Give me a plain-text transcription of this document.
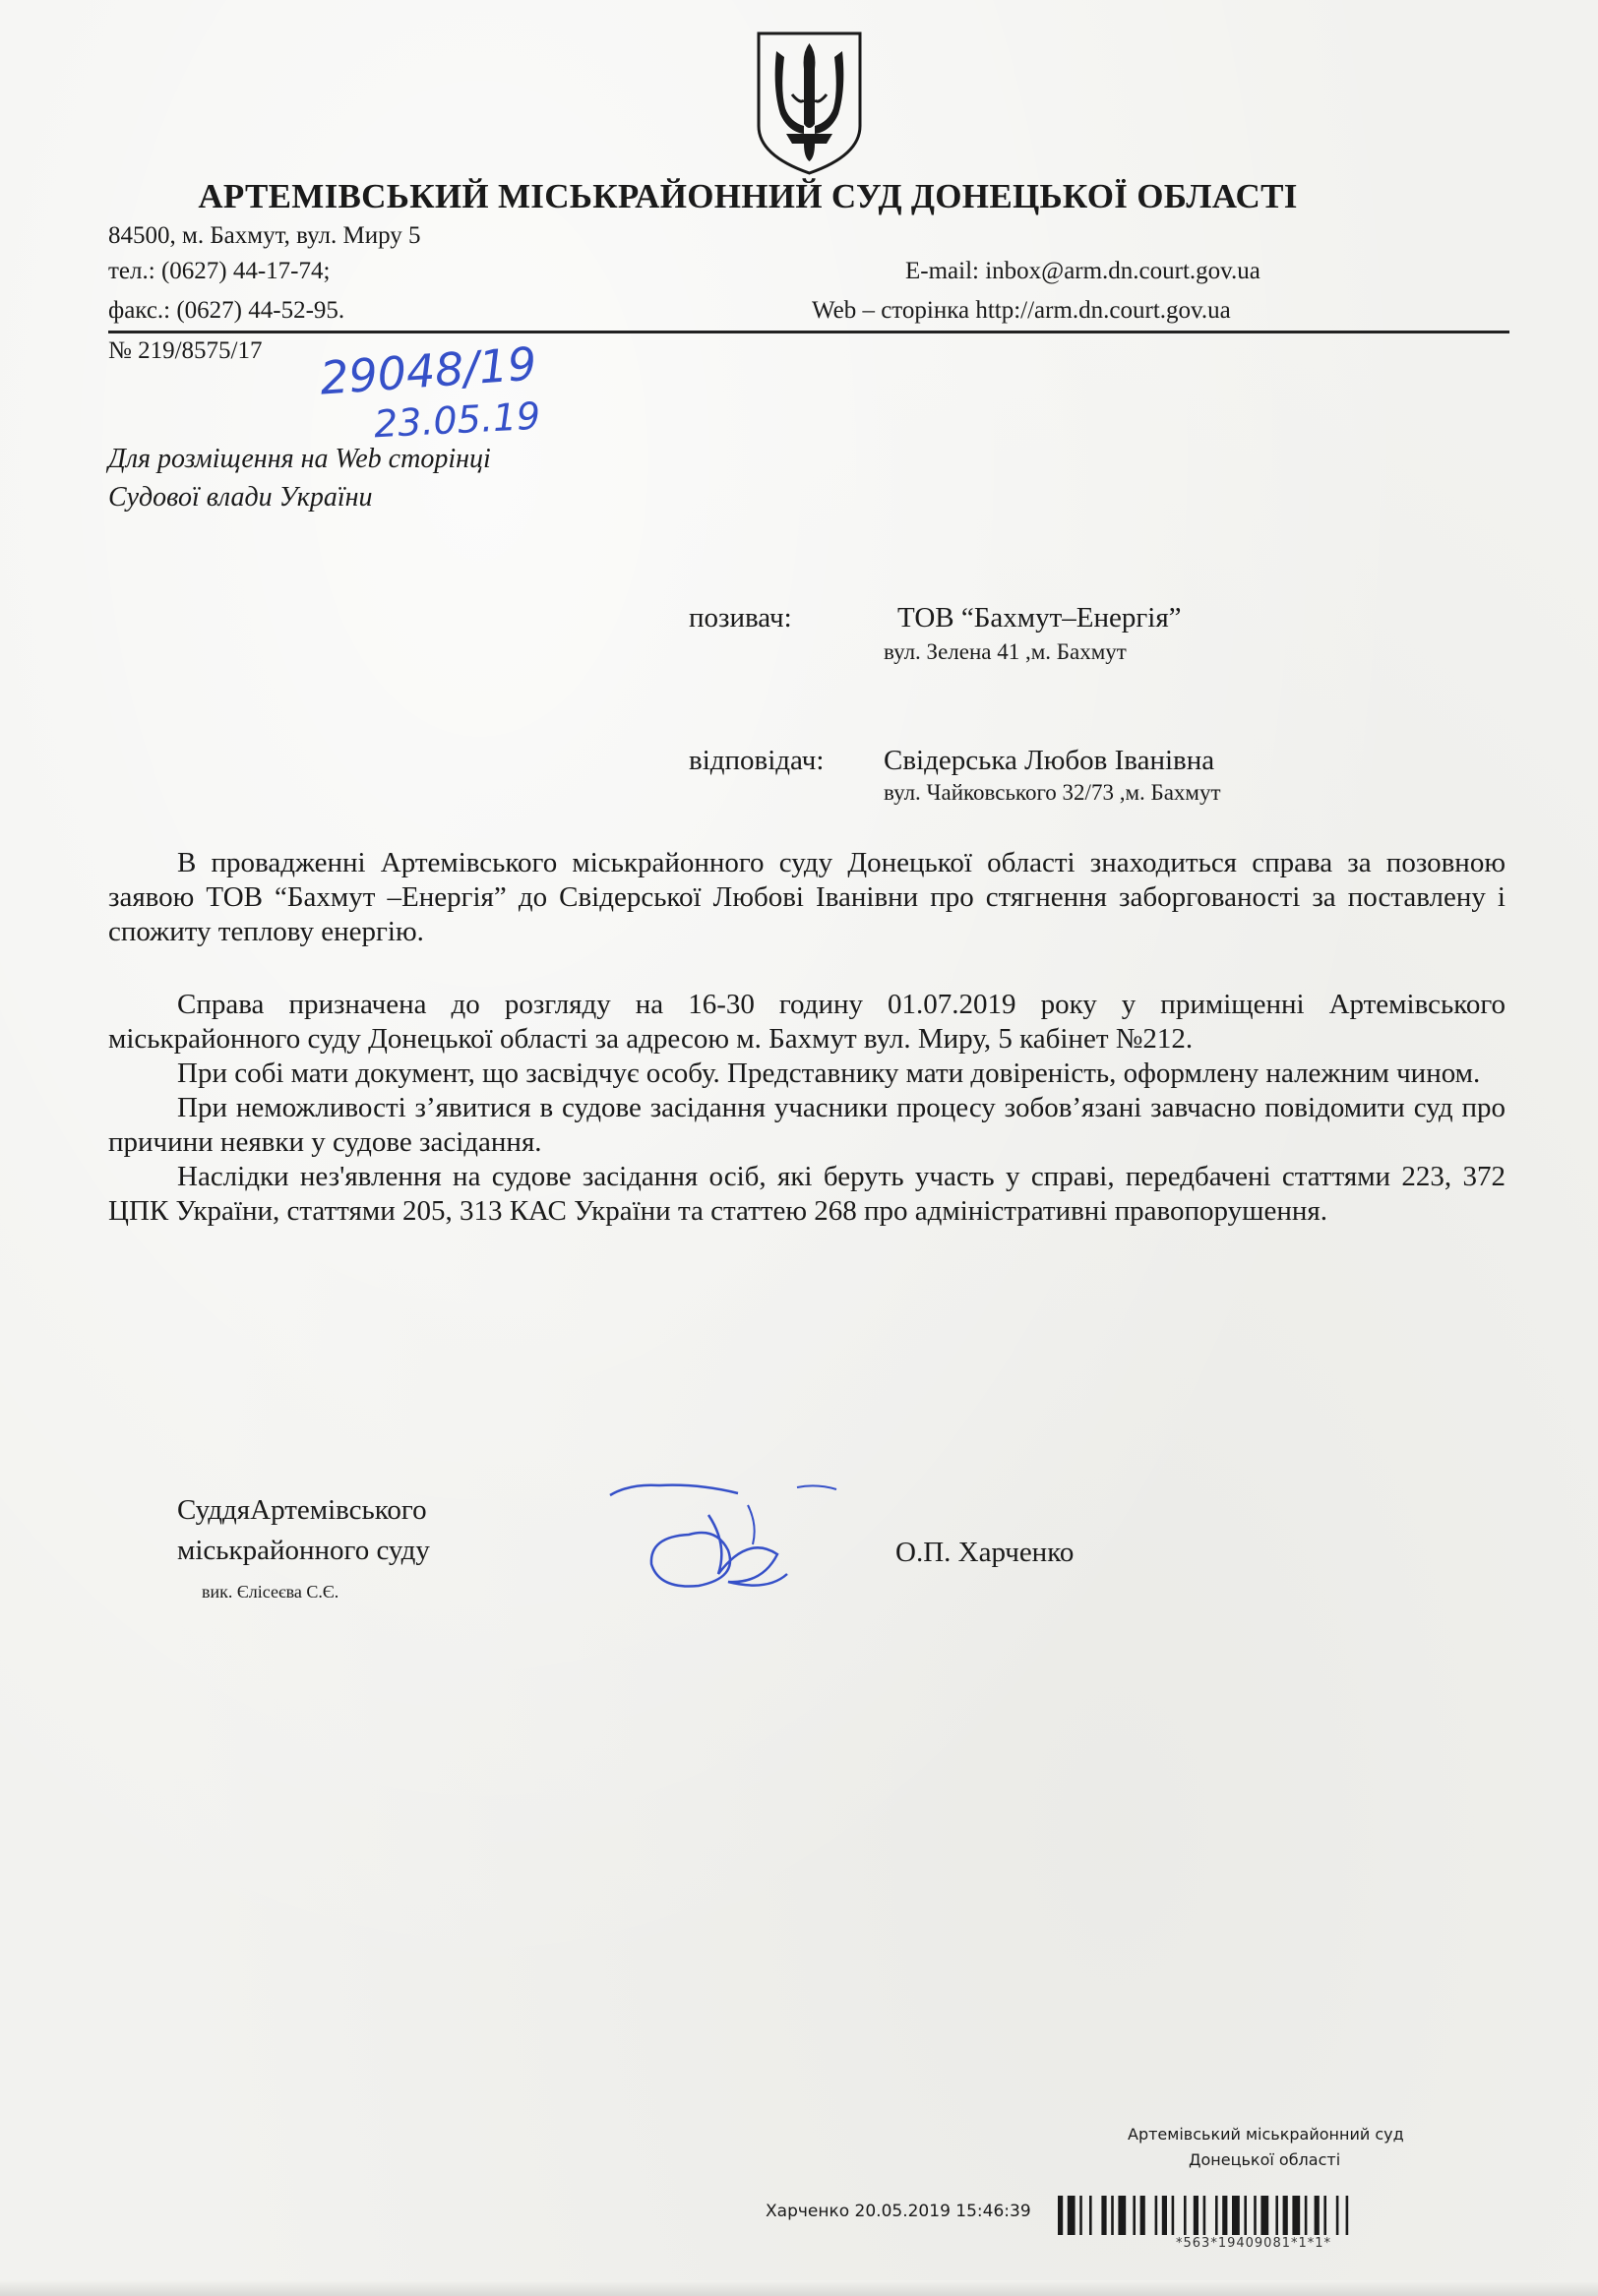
АРТЕМІВСЬКИЙ МІСЬКРАЙОННИЙ СУД ДОНЕЦЬКОЇ ОБЛАСТІ
84500, м. Бахмут, вул. Миру 5
тел.: (0627) 44-17-74;
факс.: (0627) 44-52-95.
E-mail: inbox@arm.dn.court.gov.ua
Web – сторінка http://arm.dn.court.gov.ua
№ 219/8575/17 29048/19
23.05.19
Для розміщення на Web сторінці
Судової влади України
позивач:	ТОВ “Бахмут–Енергія”
вул. Зелена 41 ,м. Бахмут
відповідач: Свідерська Любов Іванівна
вул. Чайковського 32/73 ,м. Бахмут

В провадженні Артемівського міськрайонного суду Донецької області знаходиться справа за позовною заявою ТОВ “Бахмут –Енергія” до Свідерської Любові Іванівни про стягнення заборгованості за поставлену і спожиту теплову енергію.

Справа призначена до розгляду на 16-30 годину 01.07.2019 року у приміщенні Артемівського міськрайонного суду Донецької області за адресою м. Бахмут вул. Миру, 5 кабінет №212.

При собі мати документ, що засвідчує особу. Представнику мати довіреність, оформлену належним чином.

При неможливості з’явитися в судове засідання учасники процесу зобов’язані завчасно повідомити суд про причини неявки у судове засідання.

Наслідки нез'явлення на судове засідання осіб, які беруть участь у справі, передбачені статтями 223, 372 ЦПК України, статтями 205, 313 КАС України та статтею 268 про адміністративні правопорушення.

СуддяАртемівського
міськрайонного суду
вик. Єлісеєва С.Є.
О.П. Харченко
Артемівський міськрайонний суд
Донецької області
Харченко 20.05.2019 15:46:39
*563*19409081*1*1*
